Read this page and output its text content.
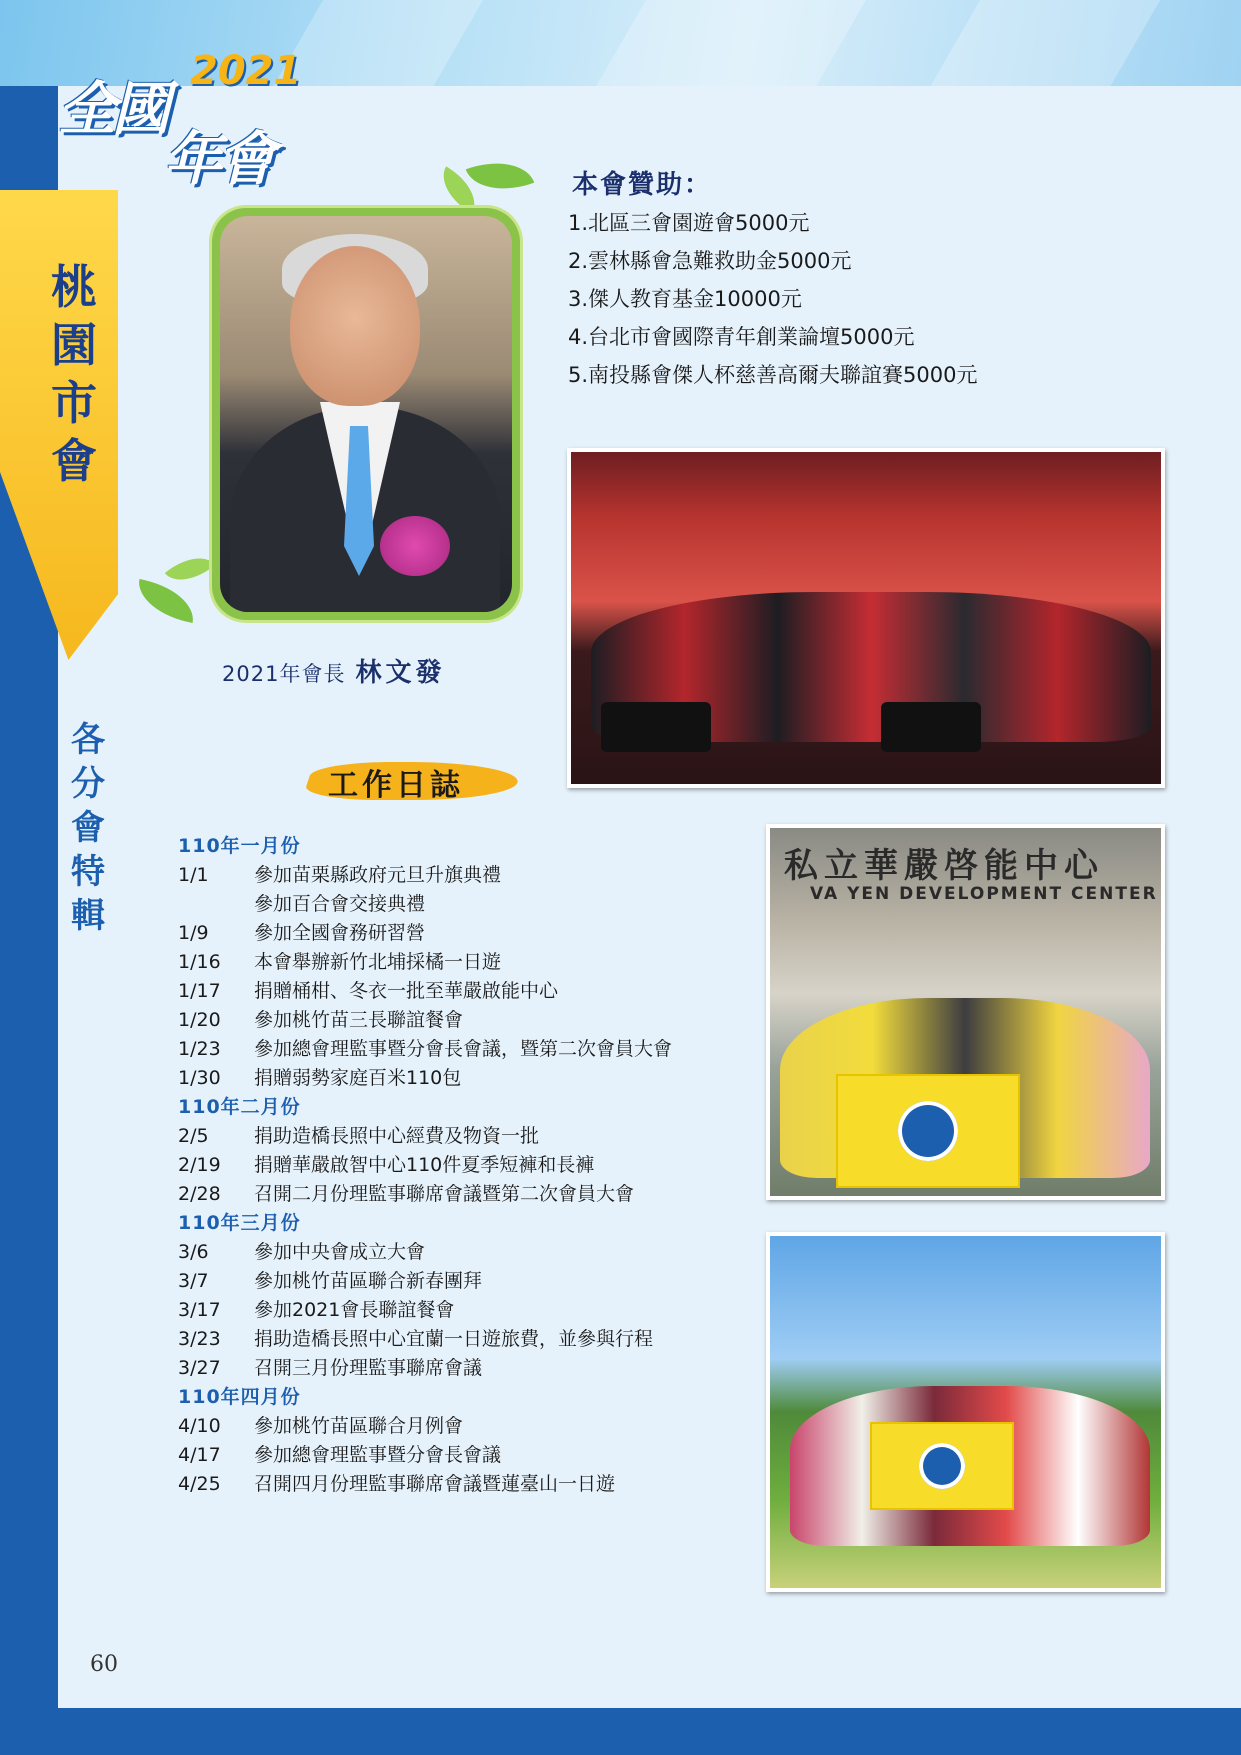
2021
全國
年會
桃園市會
各分會特輯
2021年會長 林文發
本會贊助：
1.北區三會園遊會5000元
2.雲林縣會急難救助金5000元
3.傑人教育基金10000元
4.台北市會國際青年創業論壇5000元
5.南投縣會傑人杯慈善高爾夫聯誼賽5000元
私立華嚴啓能中心
VA YEN DEVELOPMENT CENTER
工作日誌
110年一月份
1/1	參加苗栗縣政府元旦升旗典禮
參加百合會交接典禮
1/9	參加全國會務研習營
1/16	本會舉辦新竹北埔採橘一日遊
1/17	捐贈桶柑、冬衣一批至華嚴啟能中心
1/20	參加桃竹苗三長聯誼餐會
1/23	參加總會理監事暨分會長會議，暨第二次會員大會
1/30	捐贈弱勢家庭百米110包
110年二月份
2/5	捐助造橋長照中心經費及物資一批
2/19	捐贈華嚴啟智中心110件夏季短褲和長褲
2/28	召開二月份理監事聯席會議暨第二次會員大會
110年三月份
3/6	參加中央會成立大會
3/7	參加桃竹苗區聯合新春團拜
3/17	參加2021會長聯誼餐會
3/23	捐助造橋長照中心宜蘭一日遊旅費，並參與行程
3/27	召開三月份理監事聯席會議
110年四月份
4/10	參加桃竹苗區聯合月例會
4/17	參加總會理監事暨分會長會議
4/25	召開四月份理監事聯席會議暨蓮臺山一日遊
60
